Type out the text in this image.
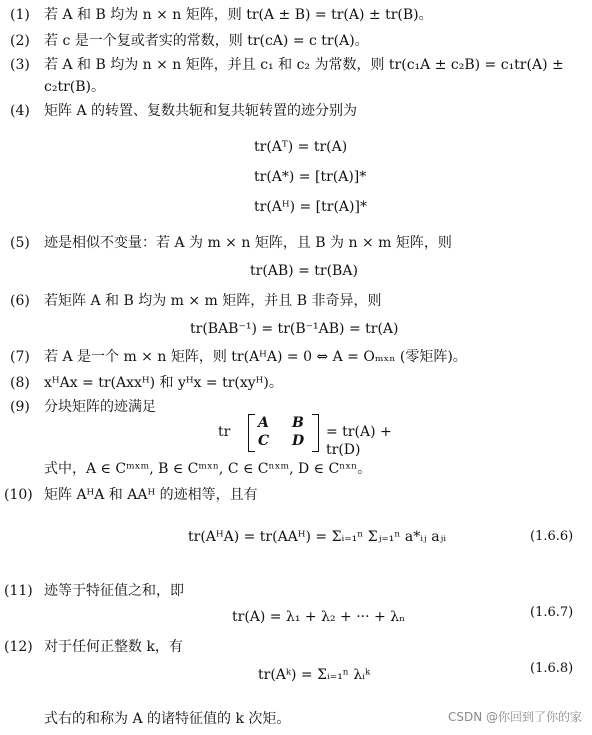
(1) 若 A 和 B 均为 n × n 矩阵，则 tr(A ± B) = tr(A) ± tr(B)。
(2) 若 c 是一个复或者实的常数，则 tr(cA) = c tr(A)。
(3) 若 A 和 B 均为 n × n 矩阵，并且 c₁ 和 c₂ 为常数，则 tr(c₁A ± c₂B) = c₁tr(A) ±
c₂tr(B)。
(4) 矩阵 A 的转置、复数共轭和复共轭转置的迹分别为
tr(Aᵀ) = tr(A)
tr(A*) = [tr(A)]*
tr(Aᴴ) = [tr(A)]*
(5) 迹是相似不变量：若 A 为 m × n 矩阵，且 B 为 n × m 矩阵，则
tr(AB) = tr(BA)
(6) 若矩阵 A 和 B 均为 m × m 矩阵，并且 B 非奇异，则
tr(BAB⁻¹) = tr(B⁻¹AB) = tr(A)
(7) 若 A 是一个 m × n 矩阵，则 tr(AᴴA) = 0 ⇔ A = Oₘₓₙ (零矩阵)。
(8) xᴴAx = tr(Axxᴴ) 和 yᴴx = tr(xyᴴ)。
(9) 分块矩阵的迹满足
tr
A B
C D
= tr(A) + tr(D)
式中，A ∈ Cᵐˣᵐ, B ∈ Cᵐˣⁿ, C ∈ Cⁿˣᵐ, D ∈ Cⁿˣⁿ。
(10) 矩阵 AᴴA 和 AAᴴ 的迹相等，且有
tr(AᴴA) = tr(AAᴴ) = Σᵢ₌₁ⁿ Σⱼ₌₁ⁿ a*ᵢⱼ aⱼᵢ	(1.6.6)
(11) 迹等于特征值之和，即
tr(A) = λ₁ + λ₂ + ··· + λₙ	(1.6.7)
(12) 对于任何正整数 k，有
tr(Aᵏ) = Σᵢ₌₁ⁿ λᵢᵏ	(1.6.8)
式右的和称为 A 的诸特征值的 k 次矩。	CSDN @你回到了你的家
